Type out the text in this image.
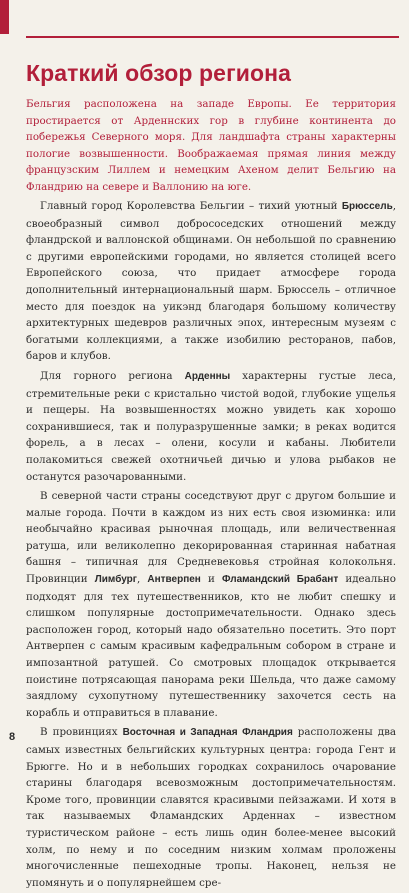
Краткий обзор региона

Бельгия расположена на западе Европы. Ее территория простирается от Арденнских гор в глубине континента до побережья Северного моря. Для ландшафта страны характерны пологие возвышенности. Воображаемая прямая линия между французским Лиллем и немецким Ахеном делит Бельгию на Фландрию на севере и Валлонию на юге.

Главный город Королевства Бельгии – тихий уютный Брюссель, своеобразный символ добрососедских отношений между фландрской и валлонской общинами. Он небольшой по сравнению с другими европейскими городами, но является столицей всего Европейского союза, что придает атмосфере города дополнительный интернациональный шарм. Брюссель – отличное место для поездок на уикэнд благодаря большому количеству архитектурных шедевров различных эпох, интересным музеям с богатыми коллекциями, а также изобилию ресторанов, пабов, баров и клубов.

Для горного региона Арденны характерны густые леса, стремительные реки с кристально чистой водой, глубокие ущелья и пещеры. На возвышенностях можно увидеть как хорошо сохранившиеся, так и полуразрушенные замки; в реках водится форель, а в лесах – олени, косули и кабаны. Любители полакомиться свежей охотничьей дичью и улова рыбаков не останутся разочарованными.

В северной части страны соседствуют друг с другом большие и малые города. Почти в каждом из них есть своя изюминка: или необычайно красивая рыночная площадь, или величественная ратуша, или великолепно декорированная старинная набатная башня – типичная для Средневековья стройная колокольня. Провинции Лимбург, Антверпен и Фламандский Брабант идеально подходят для тех путешественников, кто не любит спешку и слишком популярные достопримечательности. Однако здесь расположен город, который надо обязательно посетить. Это порт Антверпен с самым красивым кафедральным собором в стране и импозантной ратушей. Со смотровых площадок открывается поистине потрясающая панорама реки Шельда, что даже самому заядлому сухопутному путешественнику захочется сесть на корабль и отправиться в плавание.

В провинциях Восточная и Западная Фландрия расположены два самых известных бельгийских культурных центра: города Гент и Брюгге. Но и в небольших городках сохранилось очарование старины благодаря всевозможным достопримечательностям. Кроме того, провинции славятся красивыми пейзажами. И хотя в так называемых Фламандских Арденнах – известном туристическом районе – есть лишь один более-менее высокий холм, по нему и по соседним низким холмам проложены многочисленные пешеходные тропы. Наконец, нельзя не упомянуть и о популярнейшем сре-

8
